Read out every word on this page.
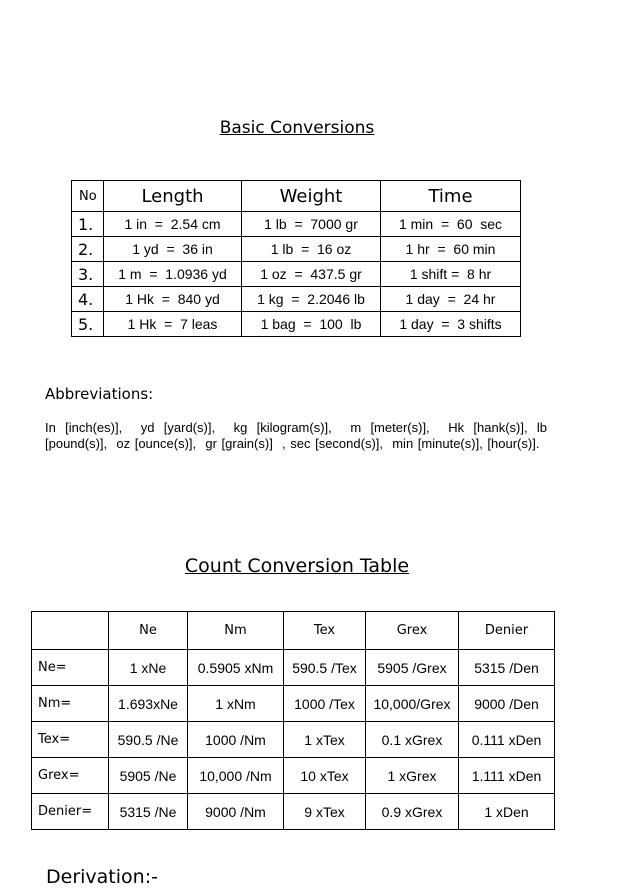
Basic Conversions
No	Length	Weight	Time
1.	1 in  =  2.54 cm	1 lb  =  7000 gr	1 min  =  60  sec
2.	1 yd  =  36 in	1 lb  =  16 oz	1 hr  =  60 min
3.	1 m  =  1.0936 yd	1 oz  =  437.5 gr	1 shift =  8 hr
4.	1 Hk  =  840 yd	1 kg  =  2.2046 lb	1 day  =  24 hr
5.	1 Hk  =  7 leas	1 bag  =  100  lb	1 day  =  3 shifts
Abbreviations:
In [inch(es)],  yd [yard(s)],  kg [kilogram(s)],  m [meter(s)],  Hk [hank(s)], lb [pound(s)],  oz [ounce(s)],  gr [grain(s)]  , sec [second(s)],  min [minute(s)], [hour(s)].
Count Conversion Table
	Ne	Nm	Tex	Grex	Denier
Ne=	1 xNe	0.5905 xNm	590.5 /Tex	5905 /Grex	5315 /Den
Nm=	1.693xNe	1 xNm	1000 /Tex	10,000/Grex	9000 /Den
Tex=	590.5 /Ne	1000 /Nm	1 xTex	0.1 xGrex	0.111 xDen
Grex=	5905 /Ne	10,000 /Nm	10 xTex	1 xGrex	1.111 xDen
Denier=	5315 /Ne	9000 /Nm	9 xTex	0.9 xGrex	1 xDen
Derivation:-
